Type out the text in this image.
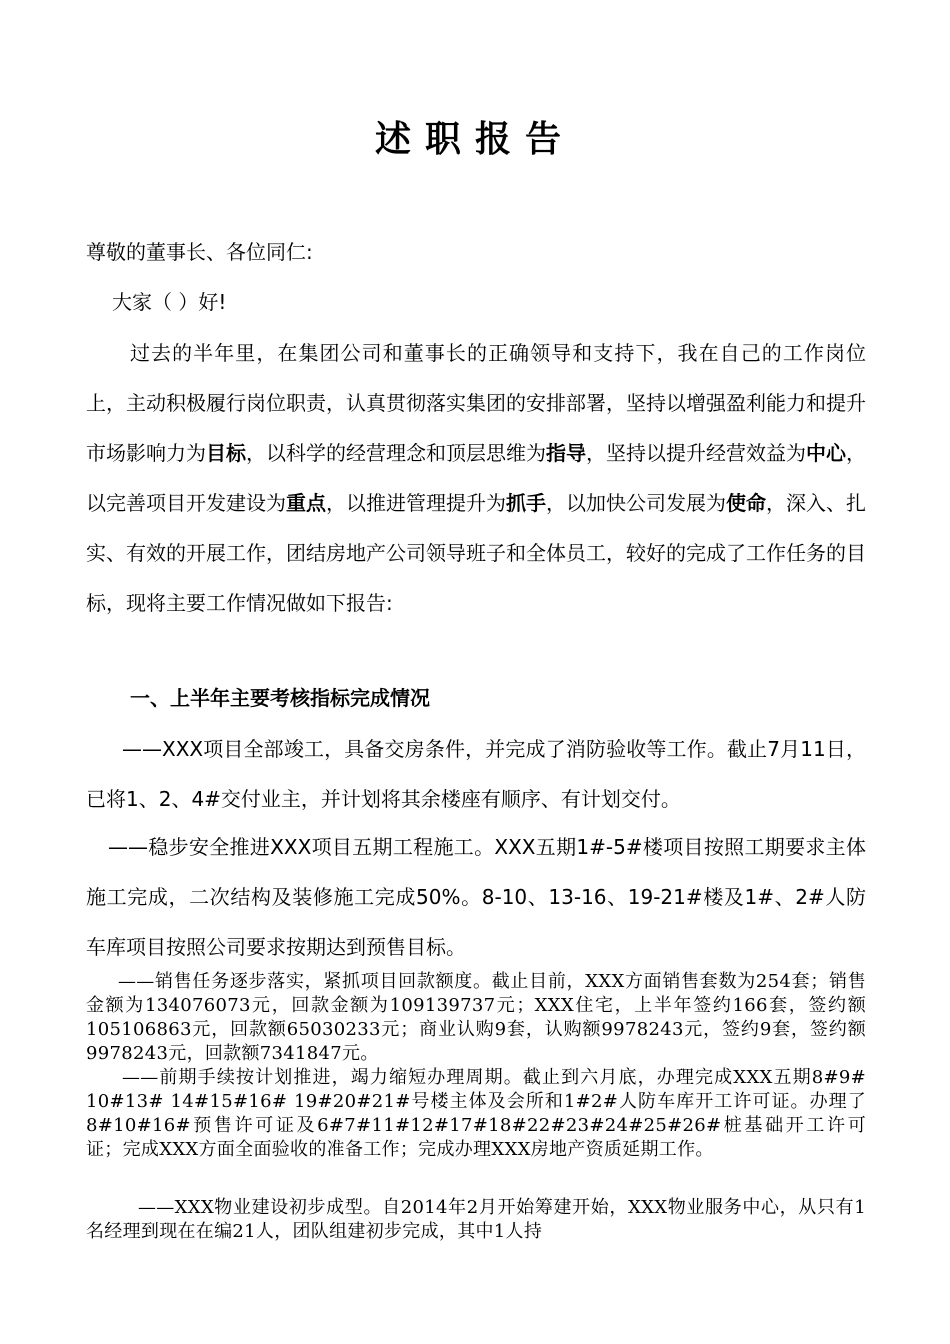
述职报告
尊敬的董事长、各位同仁:
大家（ ）好!
过去的半年里，在集团公司和董事长的正确领导和支持下，我在自己的工作岗位上，主动积极履行岗位职责，认真贯彻落实集团的安排部署，坚持以增强盈利能力和提升市场影响力为目标，以科学的经营理念和顶层思维为指导，坚持以提升经营效益为中心，以完善项目开发建设为重点，以推进管理提升为抓手，以加快公司发展为使命，深入、扎实、有效的开展工作，团结房地产公司领导班子和全体员工，较好的完成了工作任务的目标，现将主要工作情况做如下报告:
一、上半年主要考核指标完成情况
——XXX项目全部竣工，具备交房条件，并完成了消防验收等工作。截止7月11日，已将1、2、4#交付业主，并计划将其余楼座有顺序、有计划交付。
——稳步安全推进XXX项目五期工程施工。XXX五期1#-5#楼项目按照工期要求主体施工完成，二次结构及装修施工完成50%。8-10、13-16、19-21#楼及1#、2#人防车库项目按照公司要求按期达到预售目标。
——销售任务逐步落实，紧抓项目回款额度。截止目前，XXX方面销售套数为254套；销售金额为134076073元，回款金额为109139737元；XXX住宅，上半年签约166套，签约额105106863元，回款额65030233元；商业认购9套，认购额9978243元，签约9套，签约额9978243元，回款额7341847元。
——前期手续按计划推进，竭力缩短办理周期。截止到六月底，办理完成XXX五期8#9# 10#13# 14#15#16# 19#20#21#号楼主体及会所和1#2#人防车库开工许可证。办理了8#10#16#预售许可证及6#7#11#12#17#18#22#23#24#25#26#桩基础开工许可证；完成XXX方面全面验收的准备工作；完成办理XXX房地产资质延期工作。
——XXX物业建设初步成型。自2014年2月开始筹建开始，XXX物业服务中心，从只有1名经理到现在在编21人，团队组建初步完成，其中1人持
